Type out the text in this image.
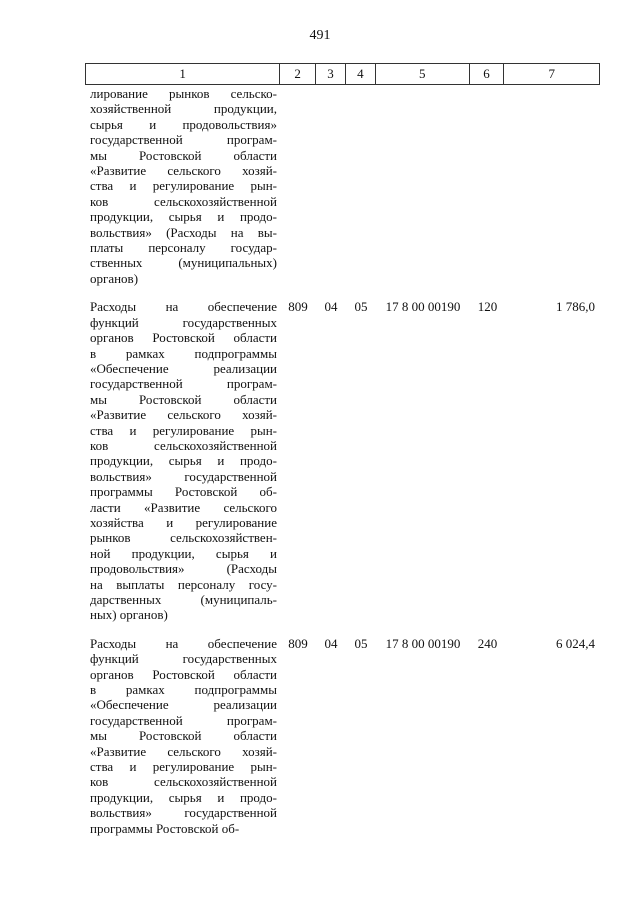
491
1	2	3	4	5	6	7
лирование рынков сельско-
хозяйственной продукции,
сырья и продовольствия»
государственной програм-
мы Ростовской области
«Развитие сельского хозяй-
ства и регулирование рын-
ков сельскохозяйственной
продукции, сырья и продо-
вольствия» (Расходы на вы-
платы персоналу государ-
ственных (муниципальных)
органов)
Расходы на обеспечение
функций государственных
органов Ростовской области
в рамках подпрограммы
«Обеспечение реализации
государственной програм-
мы Ростовской области
«Развитие сельского хозяй-
ства и регулирование рын-
ков сельскохозяйственной
продукции, сырья и продо-
вольствия» государственной
программы Ростовской об-
ласти «Развитие сельского
хозяйства и регулирование
рынков сельскохозяйствен-
ной продукции, сырья и
продовольствия» (Расходы
на выплаты персоналу госу-
дарственных (муниципаль-
ных) органов)
809	04	05	17 8 00 00190	120	1 786,0
Расходы на обеспечение
функций государственных
органов Ростовской области
в рамках подпрограммы
«Обеспечение реализации
государственной програм-
мы Ростовской области
«Развитие сельского хозяй-
ства и регулирование рын-
ков сельскохозяйственной
продукции, сырья и продо-
вольствия» государственной
программы Ростовской об-
809	04	05	17 8 00 00190	240	6 024,4
